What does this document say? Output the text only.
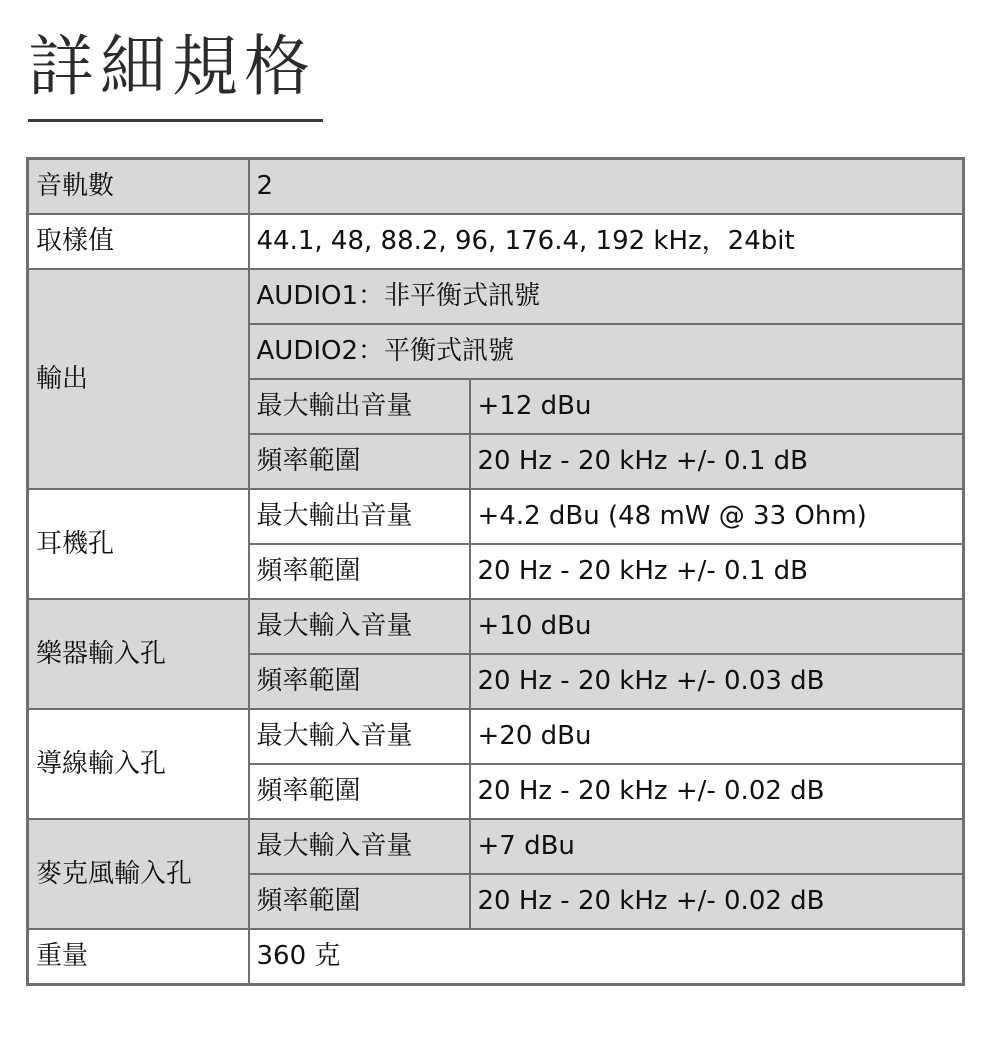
詳細規格
音軌數	2	
取樣值	44.1, 48, 88.2, 96, 176.4, 192 kHz，24bit	
輸出	AUDIO1：非平衡式訊號	
	AUDIO2：平衡式訊號	
	最大輸出音量	+12 dBu
	頻率範圍	20 Hz - 20 kHz +/- 0.1 dB
耳機孔	最大輸出音量	+4.2 dBu (48 mW @ 33 Ohm)
	頻率範圍	20 Hz - 20 kHz +/- 0.1 dB
樂器輸入孔	最大輸入音量	+10 dBu
	頻率範圍	20 Hz - 20 kHz +/- 0.03 dB
導線輸入孔	最大輸入音量	+20 dBu
	頻率範圍	20 Hz - 20 kHz +/- 0.02 dB
麥克風輸入孔	最大輸入音量	+7 dBu
	頻率範圍	20 Hz - 20 kHz +/- 0.02 dB
重量	360 克	
